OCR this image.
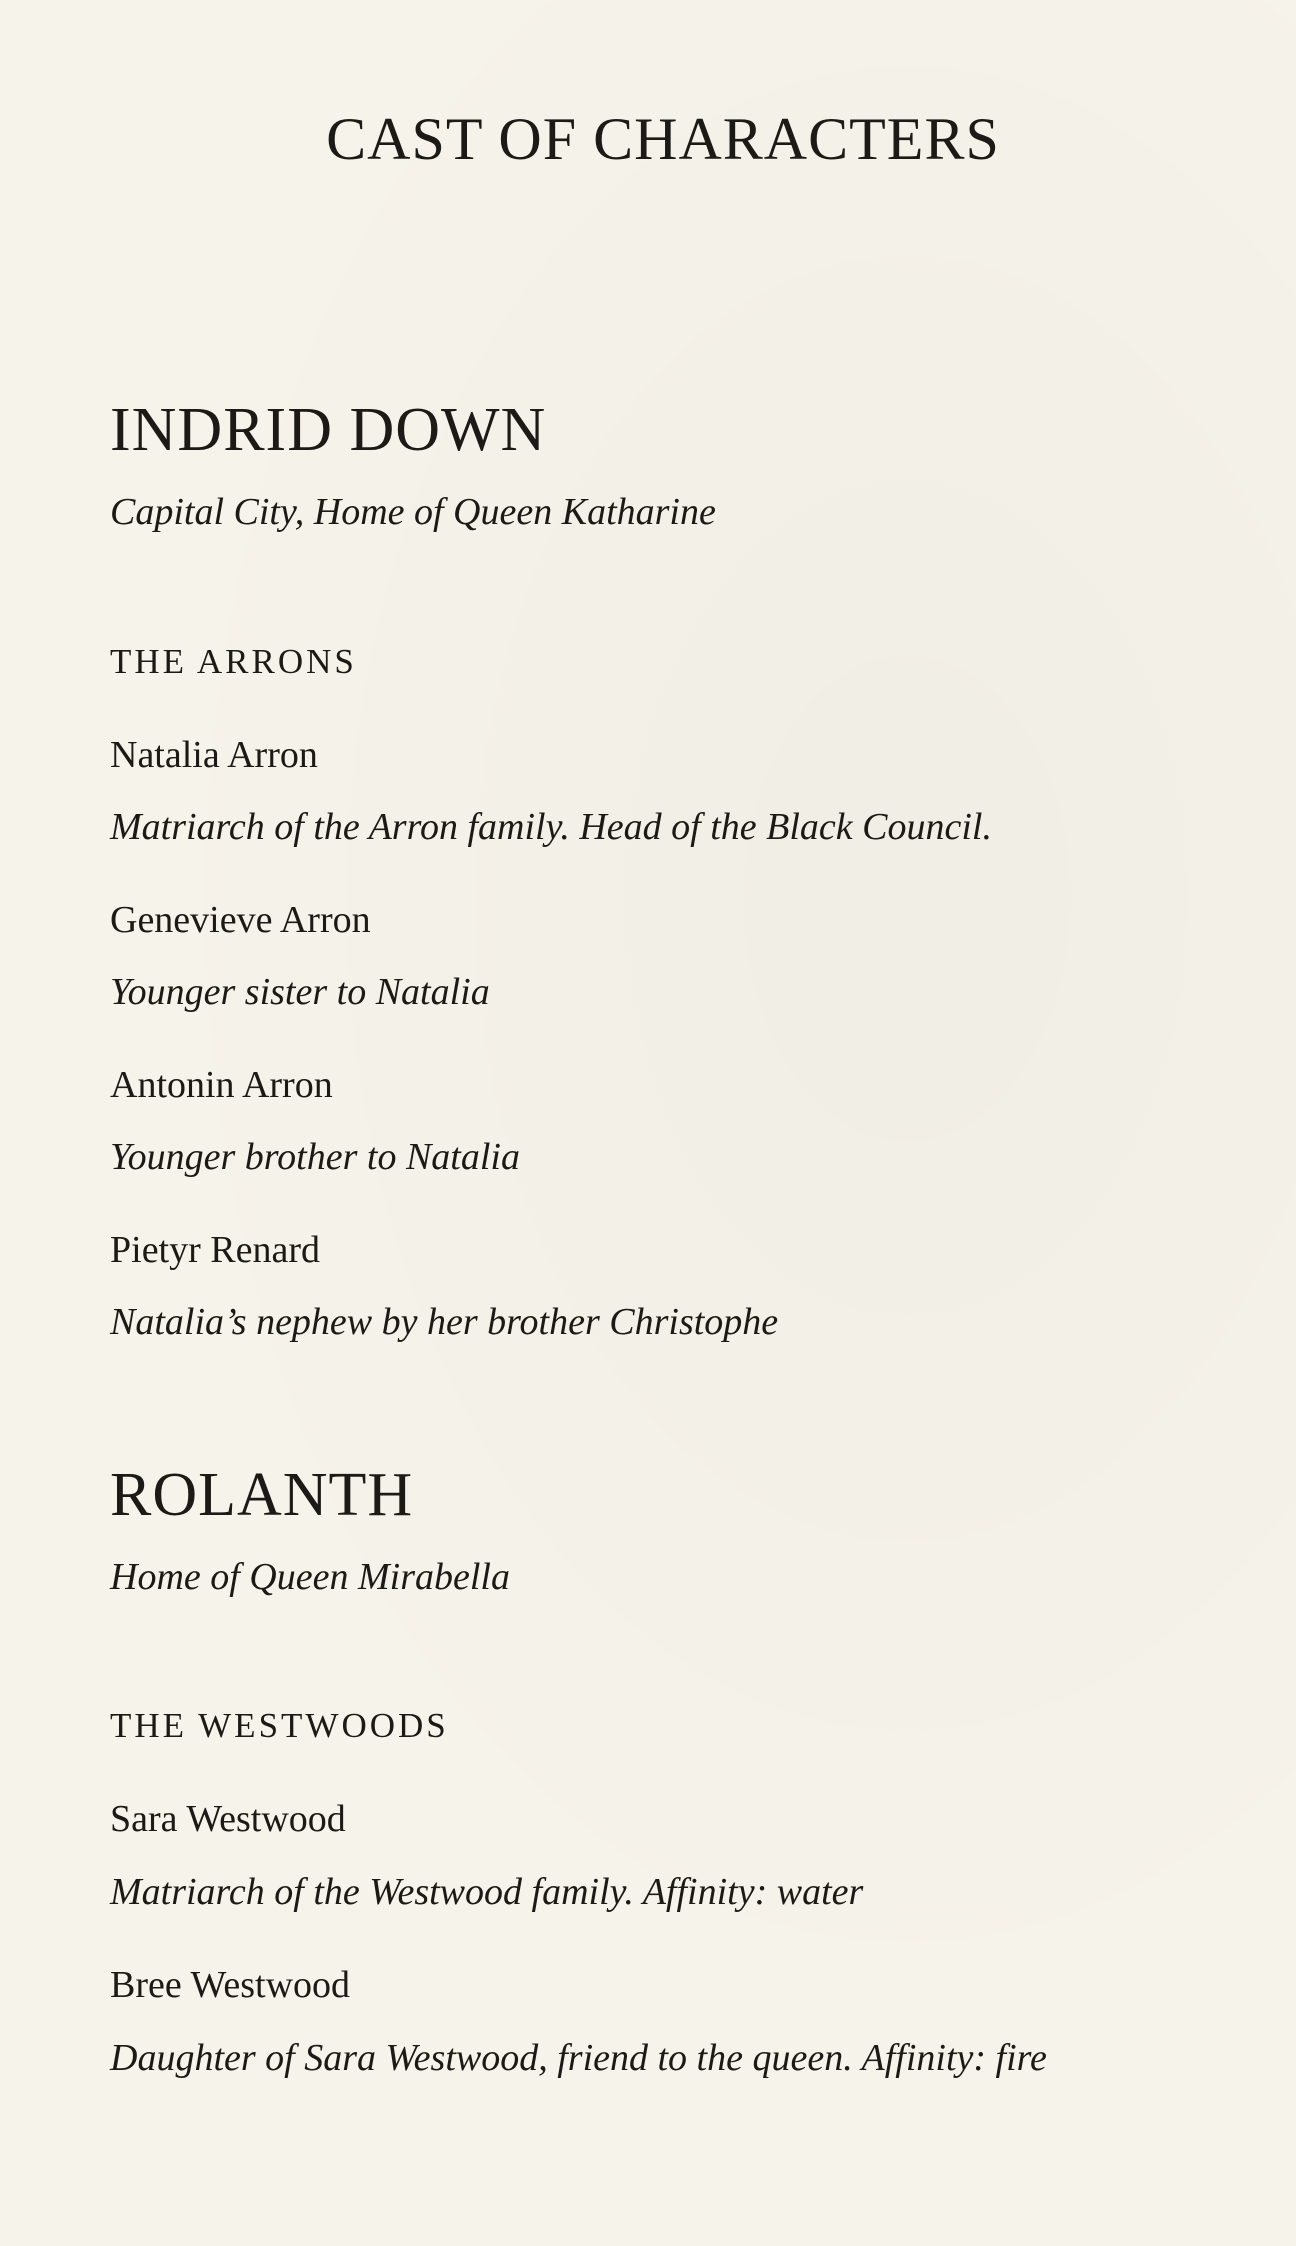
CAST OF CHARACTERS
INDRID DOWN

Capital City, Home of Queen Katharine

THE ARRONS

Natalia Arron

Matriarch of the Arron family. Head of the Black Council.

Genevieve Arron

Younger sister to Natalia

Antonin Arron

Younger brother to Natalia

Pietyr Renard

Natalia’s nephew by her brother Christophe

ROLANTH

Home of Queen Mirabella

THE WESTWOODS

Sara Westwood

Matriarch of the Westwood family. Affinity: water

Bree Westwood

Daughter of Sara Westwood, friend to the queen. Affinity: fire
